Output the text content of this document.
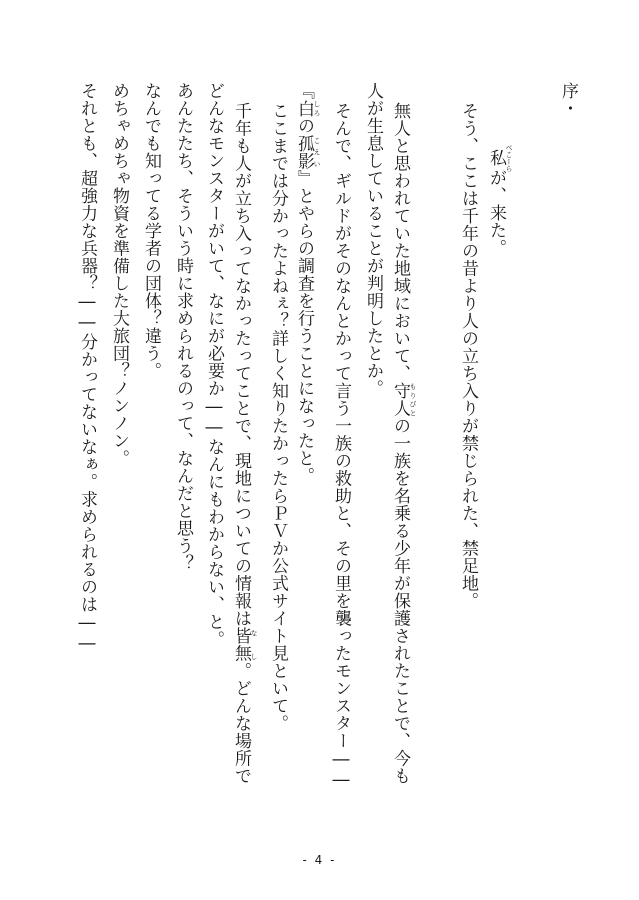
序・
私 べこーらが、来た。
そう、ここは千年の昔より人の立ち入りが禁じられた、禁足地。
無人と思われていた地域において、守人 もりびとの一族を名乗る少年が保護されたことで、今も
人が生息していることが判明したとか。
そんで、ギルドがそのなんとかって言う一族の救助と、その里を襲ったモンスター――
『白 しろの孤影 こえい』とやらの調査を行うことになったと。
ここまでは分かったよねぇ？詳しく知りたかったらＰＶか公式サイト見といて。
千年も人が立ち入ってなかったってことで、現地についての情報は皆無 な し。どんな場所で
どんなモンスターがいて、なにが必要か――なんにもわからない、と。
あんたたち、そういう時に求められるのって、なんだと思う？
なんでも知ってる学者の団体？違う。
めちゃめちゃ物資を準備した大旅団？ノンノン。
それとも、超強力な兵器？――分かってないなぁ。求められるのは――
- 4 -
